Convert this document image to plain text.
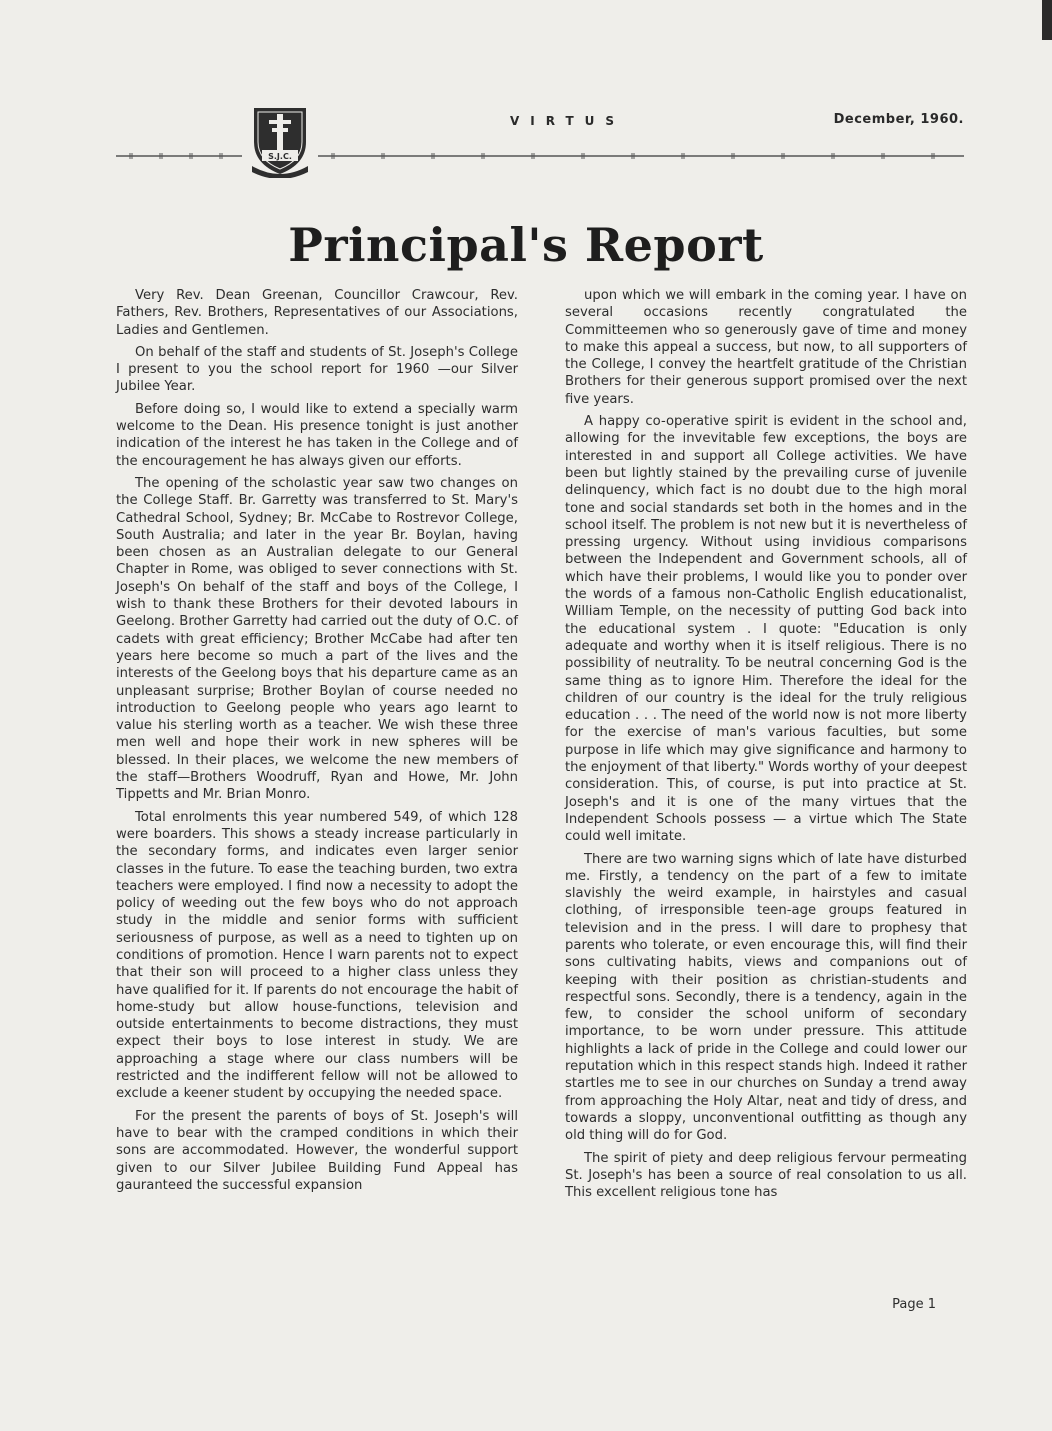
S.J.C.
VIRTUS	December, 1960.
Principal's Report

Very Rev. Dean Greenan, Councillor Crawcour, Rev. Fathers, Rev. Brothers, Representatives of our Associations, Ladies and Gentlemen.

On behalf of the staff and students of St. Joseph's College I present to you the school report for 1960 —our Silver Jubilee Year.

Before doing so, I would like to extend a specially warm welcome to the Dean. His presence tonight is just another indication of the interest he has taken in the College and of the encouragement he has always given our efforts.

The opening of the scholastic year saw two changes on the College Staff. Br. Garretty was transferred to St. Mary's Cathedral School, Sydney; Br. McCabe to Rostrevor College, South Australia; and later in the year Br. Boylan, having been chosen as an Australian delegate to our General Chapter in Rome, was obliged to sever connections with St. Joseph's On behalf of the staff and boys of the College, I wish to thank these Brothers for their devoted labours in Geelong. Brother Garretty had carried out the duty of O.C. of cadets with great efficiency; Brother McCabe had after ten years here become so much a part of the lives and the interests of the Geelong boys that his departure came as an unpleasant surprise; Brother Boylan of course needed no introduction to Geelong people who years ago learnt to value his sterling worth as a teacher. We wish these three men well and hope their work in new spheres will be blessed. In their places, we welcome the new members of the staff—Brothers Woodruff, Ryan and Howe, Mr. John Tippetts and Mr. Brian Monro.

Total enrolments this year numbered 549, of which 128 were boarders. This shows a steady increase particularly in the secondary forms, and indicates even larger senior classes in the future. To ease the teaching burden, two extra teachers were employed. I find now a necessity to adopt the policy of weeding out the few boys who do not approach study in the middle and senior forms with sufficient seriousness of purpose, as well as a need to tighten up on conditions of promotion. Hence I warn parents not to expect that their son will proceed to a higher class unless they have qualified for it. If parents do not encourage the habit of home-study but allow house-functions, television and outside entertainments to become distractions, they must expect their boys to lose interest in study. We are approaching a stage where our class numbers will be restricted and the indifferent fellow will not be allowed to exclude a keener student by occupying the needed space.

For the present the parents of boys of St. Joseph's will have to bear with the cramped conditions in which their sons are accommodated. However, the wonderful support given to our Silver Jubilee Building Fund Appeal has gauranteed the successful expansion

upon which we will embark in the coming year. I have on several occasions recently congratulated the Committeemen who so generously gave of time and money to make this appeal a success, but now, to all supporters of the College, I convey the heartfelt gratitude of the Christian Brothers for their generous support promised over the next five years.

A happy co-operative spirit is evident in the school and, allowing for the invevitable few exceptions, the boys are interested in and support all College activities. We have been but lightly stained by the prevailing curse of juvenile delinquency, which fact is no doubt due to the high moral tone and social standards set both in the homes and in the school itself. The problem is not new but it is nevertheless of pressing urgency. Without using invidious comparisons between the Independent and Government schools, all of which have their problems, I would like you to ponder over the words of a famous non-Catholic English educationalist, William Temple, on the necessity of putting God back into the educational system . I quote: "Education is only adequate and worthy when it is itself religious. There is no possibility of neutrality. To be neutral concerning God is the same thing as to ignore Him. Therefore the ideal for the children of our country is the ideal for the truly religious education . . . The need of the world now is not more liberty for the exercise of man's various faculties, but some purpose in life which may give significance and harmony to the enjoyment of that liberty." Words worthy of your deepest consideration. This, of course, is put into practice at St. Joseph's and it is one of the many virtues that the Independent Schools possess — a virtue which The State could well imitate.

There are two warning signs which of late have disturbed me. Firstly, a tendency on the part of a few to imitate slavishly the weird example, in hairstyles and casual clothing, of irresponsible teen-age groups featured in television and in the press. I will dare to prophesy that parents who tolerate, or even encourage this, will find their sons cultivating habits, views and companions out of keeping with their position as christian-students and respectful sons. Secondly, there is a tendency, again in the few, to consider the school uniform of secondary importance, to be worn under pressure. This attitude highlights a lack of pride in the College and could lower our reputation which in this respect stands high. Indeed it rather startles me to see in our churches on Sunday a trend away from approaching the Holy Altar, neat and tidy of dress, and towards a sloppy, unconventional outfitting as though any old thing will do for God.

The spirit of piety and deep religious fervour permeating St. Joseph's has been a source of real consolation to us all. This excellent religious tone has

Page 1
